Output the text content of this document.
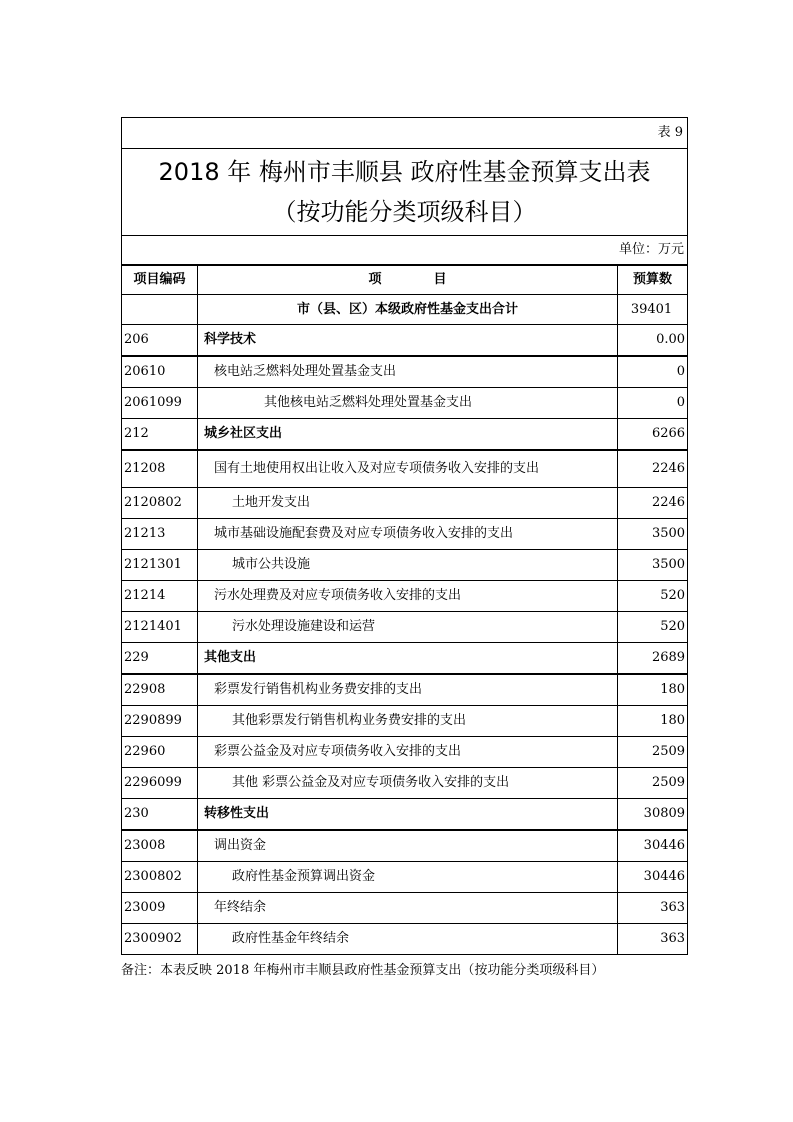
表 9		

2018 年 梅州市丰顺县 政府性基金预算支出表
（按功能分类项级科目）		

单位：万元		
项目编码	项　　　　目	预算数
	市（县、区）本级政府性基金支出合计	39401
206	科学技术	0.00
20610	核电站乏燃料处理处置基金支出	0
2061099	其他核电站乏燃料处理处置基金支出	0
212	城乡社区支出	6266
21208	国有土地使用权出让收入及对应专项债务收入安排的支出	2246
2120802	土地开发支出	2246
21213	城市基础设施配套费及对应专项债务收入安排的支出	3500
2121301	城市公共设施	3500
21214	污水处理费及对应专项债务收入安排的支出	520
2121401	污水处理设施建设和运营	520
229	其他支出	2689
22908	彩票发行销售机构业务费安排的支出	180
2290899	其他彩票发行销售机构业务费安排的支出	180
22960	彩票公益金及对应专项债务收入安排的支出	2509
2296099	其他 彩票公益金及对应专项债务收入安排的支出	2509
230	转移性支出	30809
23008	调出资金	30446
2300802	政府性基金预算调出资金	30446
23009	年终结余	363
2300902	政府性基金年终结余	363
备注：本表反映 2018 年梅州市丰顺县政府性基金预算支出（按功能分类项级科目）
